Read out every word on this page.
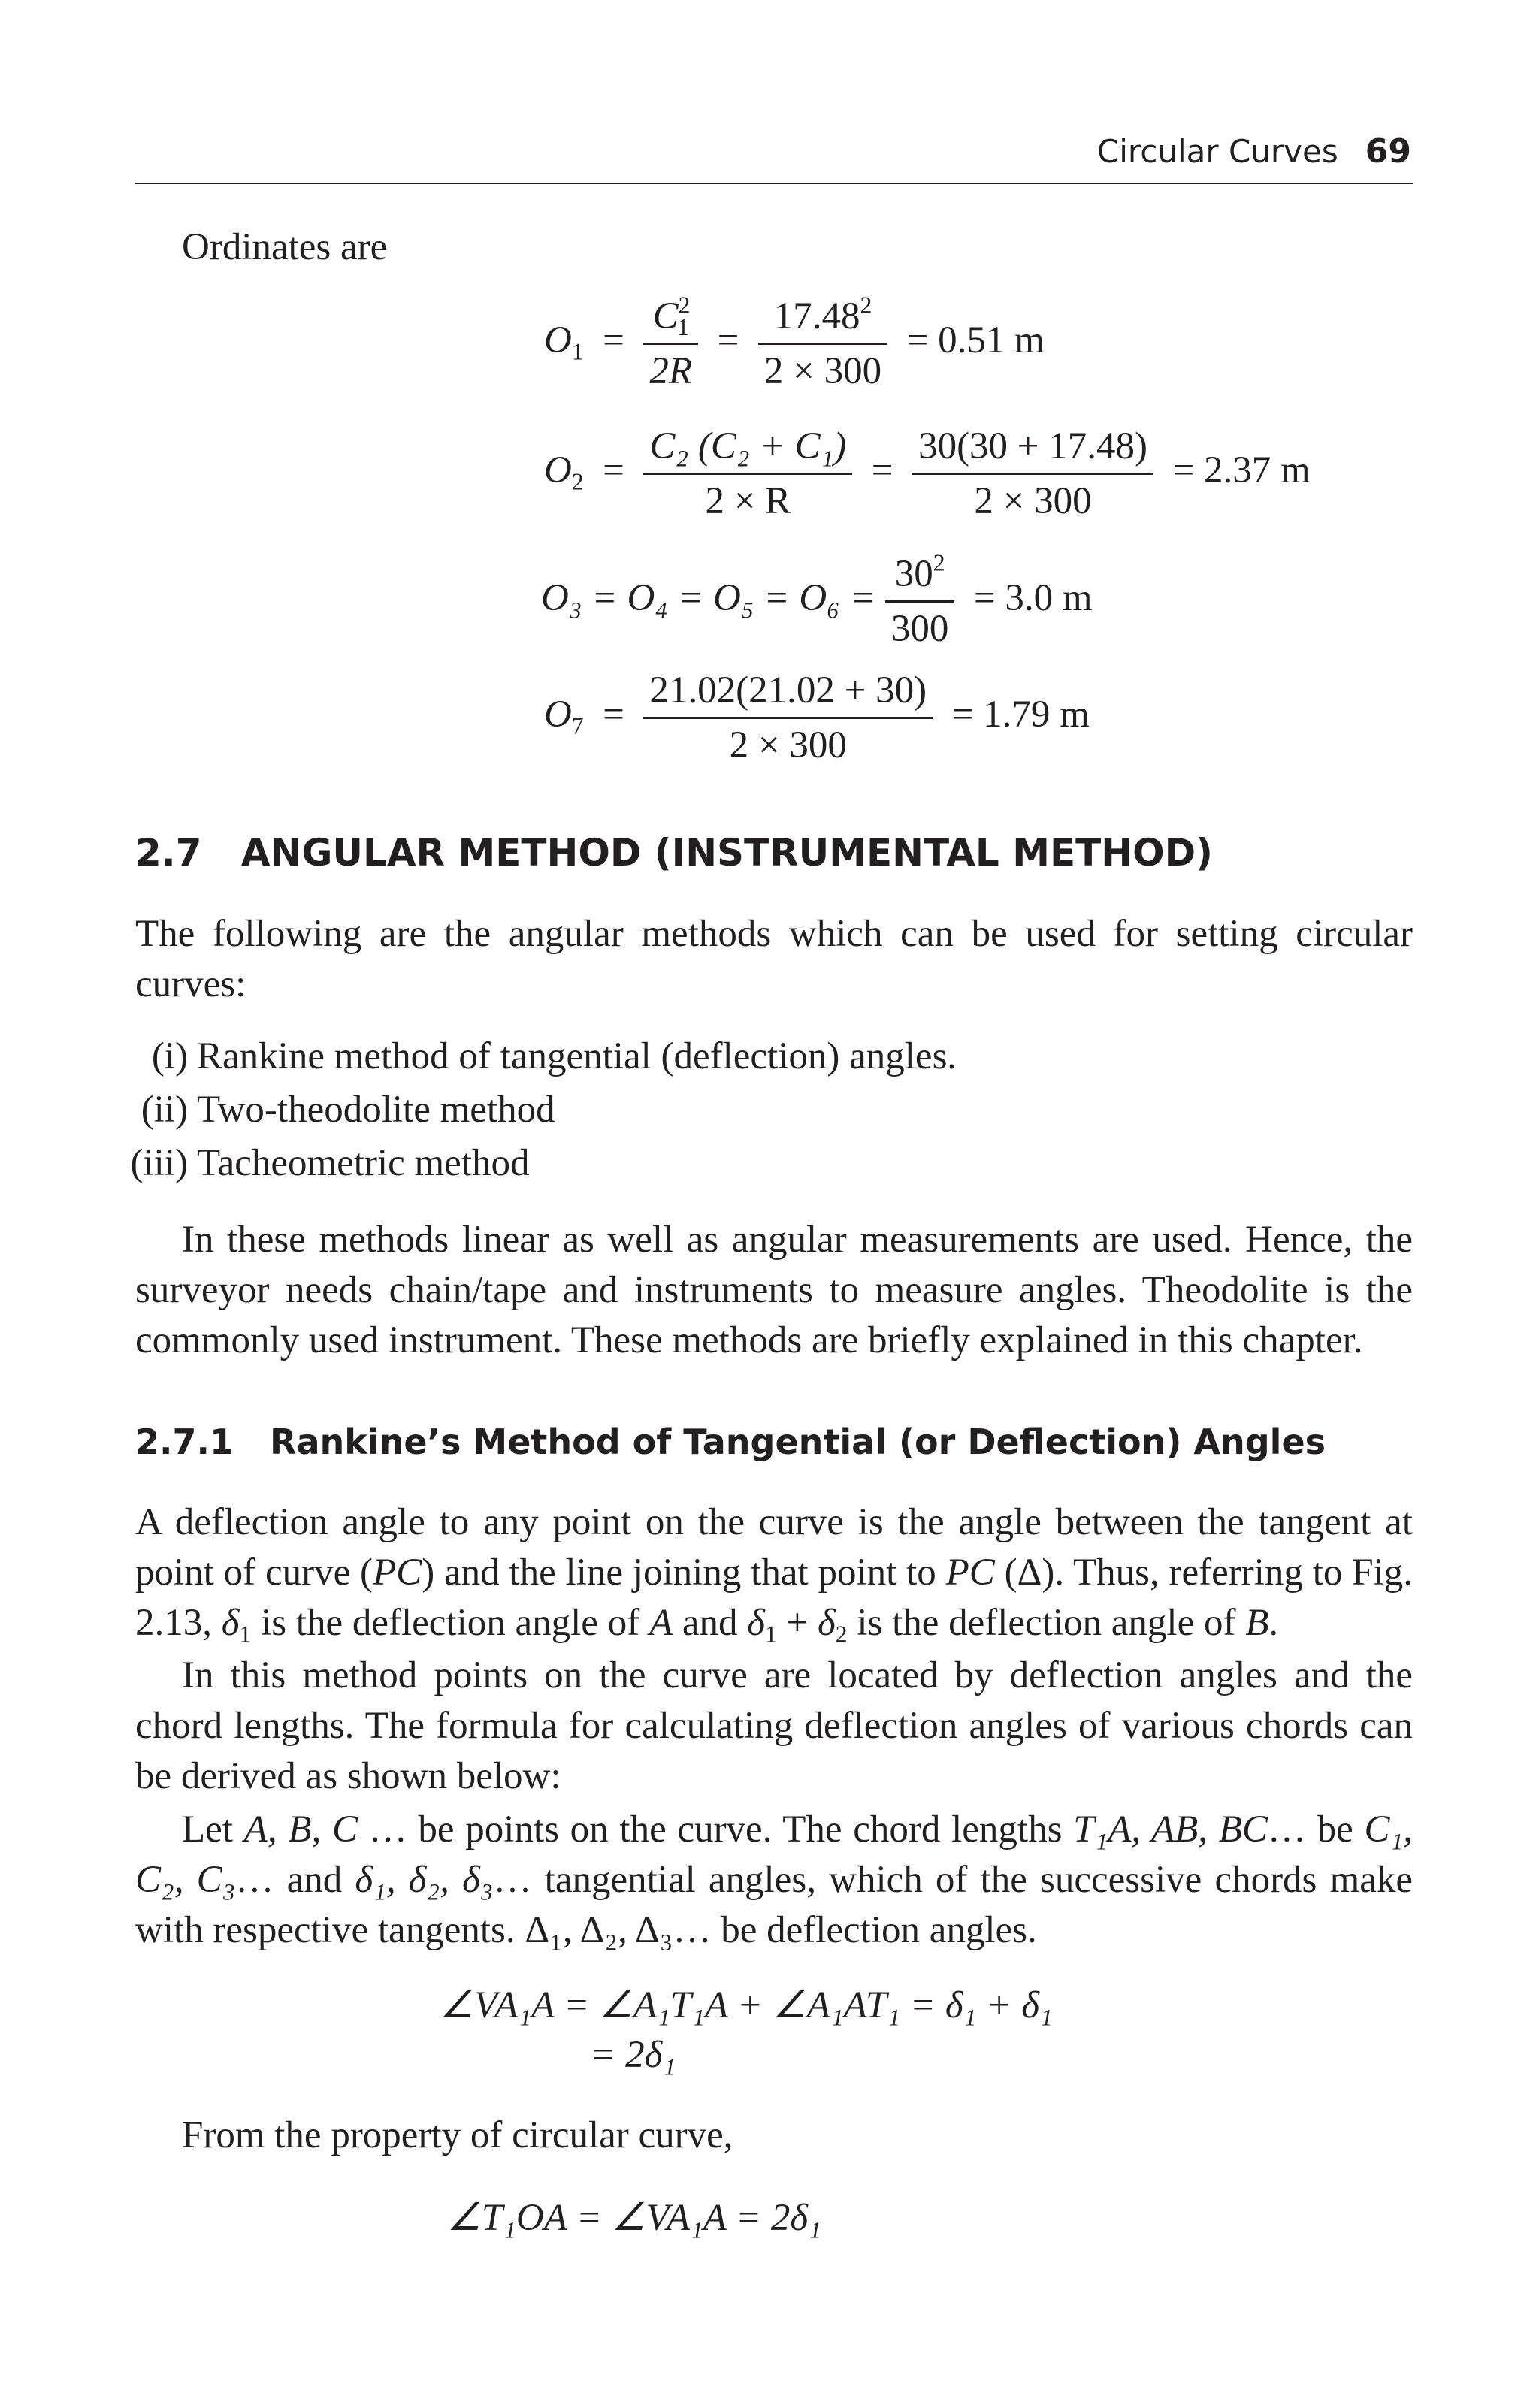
Circular Curves 69
Ordinates are
$O_1 = \frac{C^2_1}{2R} = \frac{17.48^2}{2 \times 300} = 0.51$ m
$O_2 = \frac{\text{C₂ (C₂ + C₁)}}{2 \times R} = \frac{30(30 + 17.48)}{2 \times 300} = 2.37$ m
$O_3 = O_4 = O_5 = O_6 = \frac{30^2}{300} = 3.0$ m
$O_7 = \frac{21.02(21.02 + 30)}{2 \times 300} = 1.79$ m
2.7 ANGULAR METHOD (INSTRUMENTAL METHOD)
The following are the angular methods which can be used for setting circular curves:
(i) Rankine method of tangential (deflection) angles.
(ii) Two-theodolite method
(iii) Tacheometric method
In these methods linear as well as angular measurements are used. Hence, the surveyor needs chain/tape and instruments to measure angles. Theodolite is the commonly used instrument. These methods are briefly explained in this chapter.
2.7.1 Rankine’s Method of Tangential (or Deflection) Angles
A deflection angle to any point on the curve is the angle between the tangent at point of curve (PC) and the line joining that point to PC (Δ). Thus, referring to Fig. 2.13, $\delta_1$ is the deflection angle of A and $\delta_1 + \delta_2$ is the deflection angle of B.
In this method points on the curve are located by deflection angles and the chord lengths. The formula for calculating deflection angles of various chords can be derived as shown below:
Let A, B, C … be points on the curve. The chord lengths T₁A, AB, BC… be C₁, C₂, C₃… and δ₁, δ₂, δ₃… tangential angles, which of the successive chords make with respective tangents. Δ₁, Δ₂, Δ₃… be deflection angles.
∠VA₁A = ∠A₁T₁A + ∠A₁AT₁ = δ₁ + δ₁
= 2δ₁
From the property of circular curve,
∠T₁OA = ∠VA₁A = 2δ₁
